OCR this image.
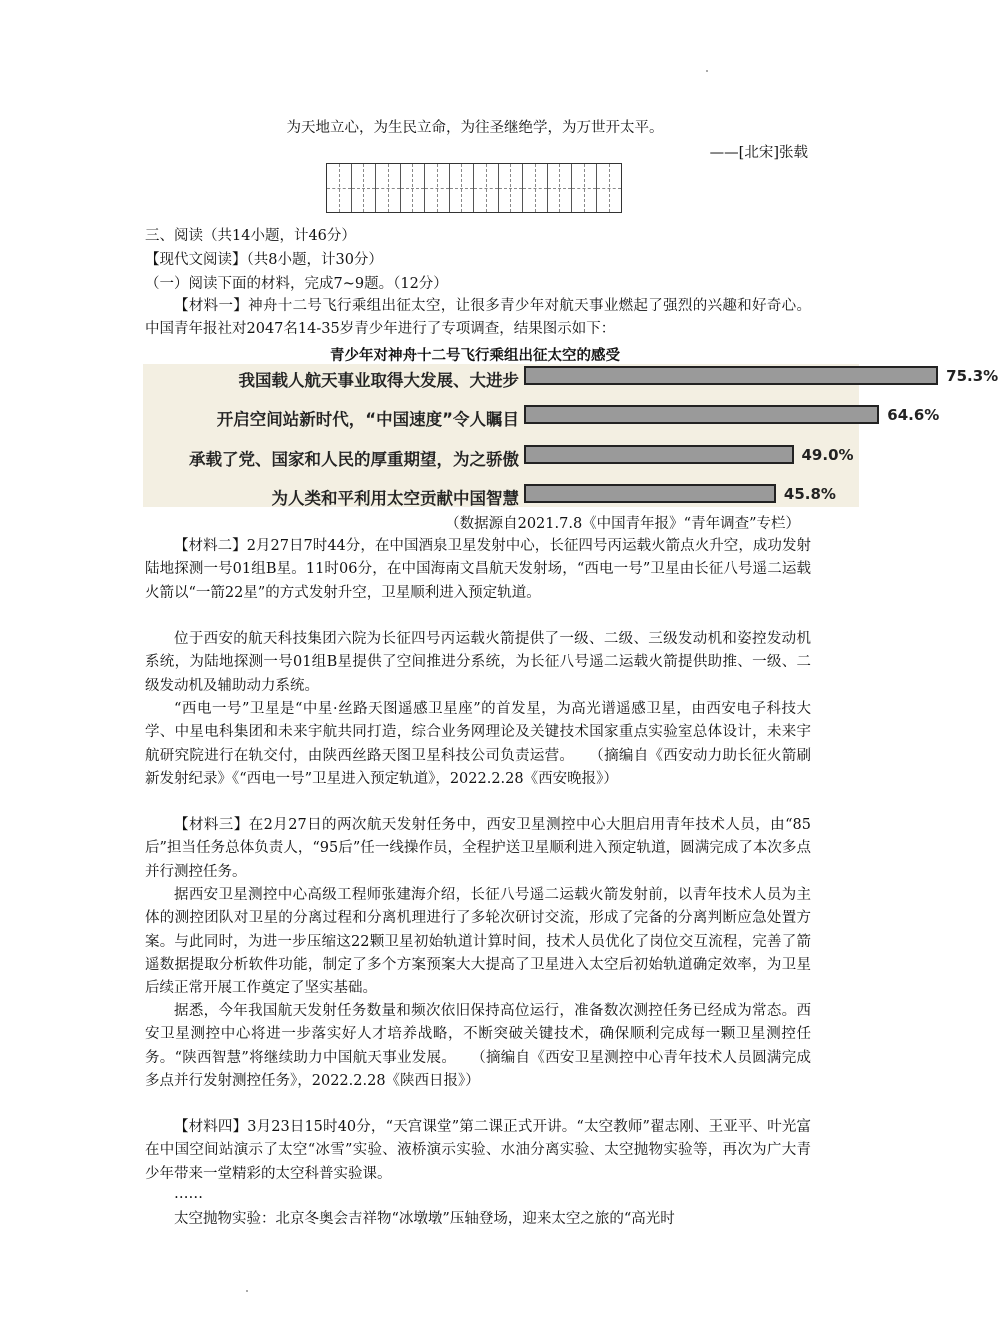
为天地立心，为生民立命，为往圣继绝学，为万世开太平。
——[北宋]张载
三、阅读（共14小题，计46分）
【现代文阅读】（共8小题，计30分）
（一）阅读下面的材料，完成7~9题。（12分）
【材料一】神舟十二号飞行乘组出征太空，让很多青少年对航天事业燃起了强烈的兴趣和好奇心。中国青年报社对2047名14-35岁青少年进行了专项调查，结果图示如下：
青少年对神舟十二号飞行乘组出征太空的感受
我国载人航天事业取得大发展、大进步	75.3%
开启空间站新时代，“中国速度”令人瞩目	64.6%
承载了党、国家和人民的厚重期望，为之骄傲	49.0%
为人类和平利用太空贡献中国智慧	45.8%
（数据源自2021.7.8《中国青年报》“青年调查”专栏）
【材料二】2月27日7时44分，在中国酒泉卫星发射中心，长征四号丙运载火箭点火升空，成功发射陆地探测一号01组B星。11时06分，在中国海南文昌航天发射场，“西电一号”卫星由长征八号遥二运载火箭以“一箭22星”的方式发射升空，卫星顺利进入预定轨道。
位于西安的航天科技集团六院为长征四号丙运载火箭提供了一级、二级、三级发动机和姿控发动机系统，为陆地探测一号01组B星提供了空间推进分系统，为长征八号遥二运载火箭提供助推、一级、二级发动机及辅助动力系统。
“西电一号”卫星是“中星·丝路天图遥感卫星座”的首发星，为高光谱遥感卫星，由西安电子科技大学、中星电科集团和未来宇航共同打造，综合业务网理论及关键技术国家重点实验室总体设计，未来宇航研究院进行在轨交付，由陕西丝路天图卫星科技公司负责运营。　　（摘编自《西安动力助长征火箭刷新发射纪录》《“西电一号”卫星进入预定轨道》，2022.2.28《西安晚报》）
【材料三】在2月27日的两次航天发射任务中，西安卫星测控中心大胆启用青年技术人员，由“85后”担当任务总体负责人，“95后”任一线操作员，全程护送卫星顺利进入预定轨道，圆满完成了本次多点并行测控任务。
据西安卫星测控中心高级工程师张建海介绍，长征八号遥二运载火箭发射前，以青年技术人员为主体的测控团队对卫星的分离过程和分离机理进行了多轮次研讨交流，形成了完备的分离判断应急处置方案。与此同时，为进一步压缩这22颗卫星初始轨道计算时间，技术人员优化了岗位交互流程，完善了箭遥数据提取分析软件功能，制定了多个方案预案大大提高了卫星进入太空后初始轨道确定效率，为卫星后续正常开展工作奠定了坚实基础。
据悉，今年我国航天发射任务数量和频次依旧保持高位运行，准备数次测控任务已经成为常态。西安卫星测控中心将进一步落实好人才培养战略，不断突破关键技术，确保顺利完成每一颗卫星测控任务。“陕西智慧”将继续助力中国航天事业发展。　　（摘编自《西安卫星测控中心青年技术人员圆满完成多点并行发射测控任务》，2022.2.28《陕西日报》）
【材料四】3月23日15时40分，“天宫课堂”第二课正式开讲。“太空教师”翟志刚、王亚平、叶光富在中国空间站演示了太空“冰雪”实验、液桥演示实验、水油分离实验、太空抛物实验等，再次为广大青少年带来一堂精彩的太空科普实验课。
……
太空抛物实验：北京冬奥会吉祥物“冰墩墩”压轴登场，迎来太空之旅的“高光时
